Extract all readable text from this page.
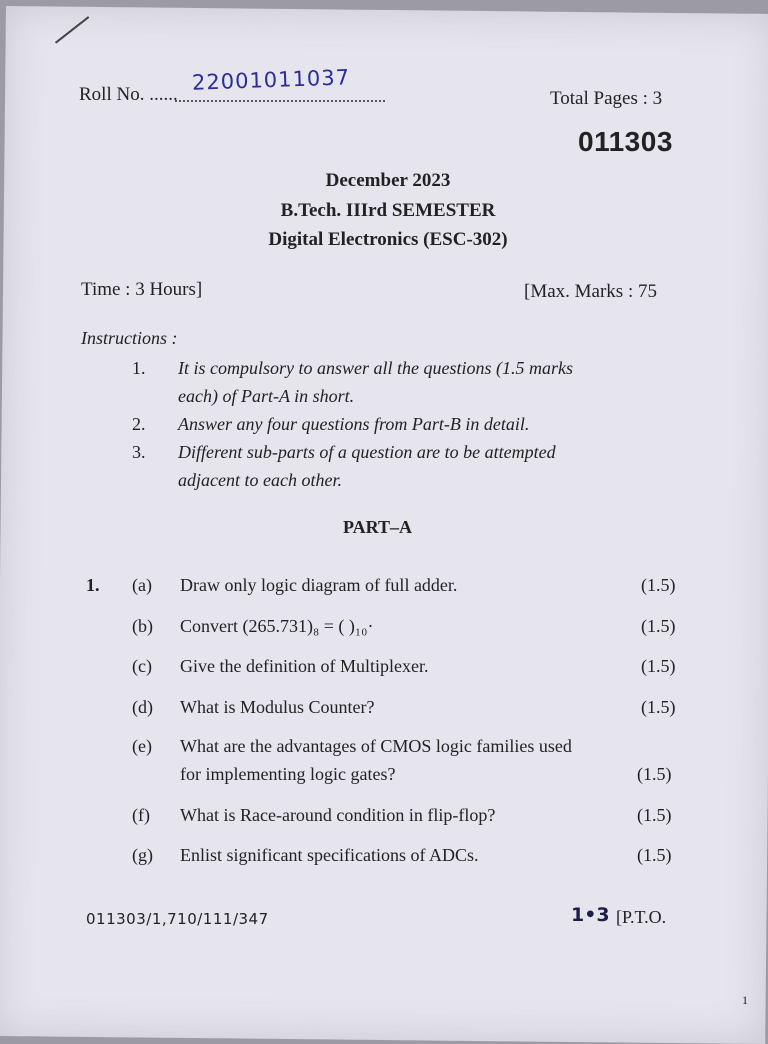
Roll No. ...... 22001011037
Total Pages : 3
011303
December 2023
B.Tech. IIIrd SEMESTER
Digital Electronics (ESC-302)
Time : 3 Hours]	[Max. Marks : 75
Instructions :
1. It is compulsory to answer all the questions (1.5 marks
each) of Part-A in short.
2. Answer any four questions from Part-B in detail.
3. Different sub-parts of a question are to be attempted
adjacent to each other.
PART–A
1. (a) Draw only logic diagram of full adder.	(1.5)
(b) Convert (265.731)₈ = ( )₁₀·	(1.5)
(c) Give the definition of Multiplexer.	(1.5)
(d) What is Modulus Counter?	(1.5)
(e) What are the advantages of CMOS logic families used
for implementing logic gates?	(1.5)
(f) What is Race-around condition in flip-flop?	(1.5)
(g) Enlist significant specifications of ADCs.	(1.5)
011303/1,710/111/347	1•3 [P.T.O.
1
